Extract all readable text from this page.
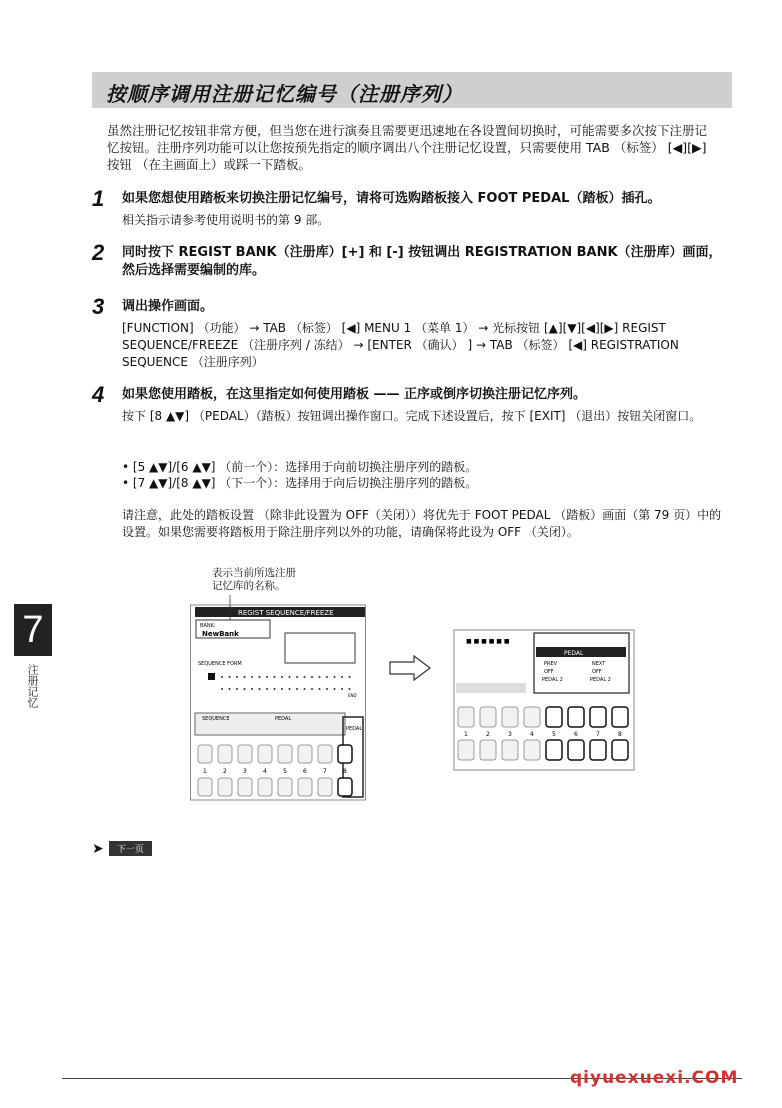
按顺序调用注册记忆编号（注册序列）
虽然注册记忆按钮非常方便，但当您在进行演奏且需要更迅速地在各设置间切换时，可能需要多次按下注册记忆按钮。注册序列功能可以让您按预先指定的顺序调出八个注册记忆设置，只需要使用 TAB （标签） [◀][▶] 按钮 （在主画面上）或踩一下踏板。
1 如果您想使用踏板来切换注册记忆编号，请将可选购踏板接入 FOOT PEDAL（踏板）插孔。
相关指示请参考使用说明书的第 9 部。
2 同时按下 REGIST BANK（注册库）[+] 和 [-] 按钮调出 REGISTRATION BANK（注册库）画面，然后选择需要编制的库。
3 调出操作画面。
[FUNCTION] （功能） → TAB （标签） [◀] MENU 1 （菜单 1） → 光标按钮 [▲][▼][◀][▶] REGIST SEQUENCE/FREEZE （注册序列 / 冻结） → [ENTER （确认） ] → TAB （标签） [◀] REGISTRATION SEQUENCE （注册序列）
4 如果您使用踏板，在这里指定如何使用踏板 —— 正序或倒序切换注册记忆序列。
按下 [8 ▲▼] （PEDAL）（踏板）按钮调出操作窗口。完成下述设置后，按下 [EXIT] （退出）按钮关闭窗口。
• [5 ▲▼]/[6 ▲▼] （前一个）：选择用于向前切换注册序列的踏板。
• [7 ▲▼]/[8 ▲▼] （下一个）：选择用于向后切换注册序列的踏板。
请注意，此处的踏板设置 （除非此设置为 OFF（关闭））将优先于 FOOT PEDAL （踏板）画面（第 79 页）中的设置。如果您需要将踏板用于除注册序列以外的功能，请确保将此设为 OFF （关闭）。
7
注册记忆
表示当前所选注册
记忆库的名称。
REGIST SEQUENCE/FREEZE
BANK:
NewBank
SEQUENCE FORM
END
SEQUENCE	PEDAL
PEDAL
1	2	3	4	5	6	7	8
■ ■ ■ ■ ■ ■
PEDAL
PREV	NEXT
OFF	OFF
PEDAL 2	PEDAL 2
1	2	3	4	5	6	7	8
➤ 下一页
qiyuexuexi.COM
